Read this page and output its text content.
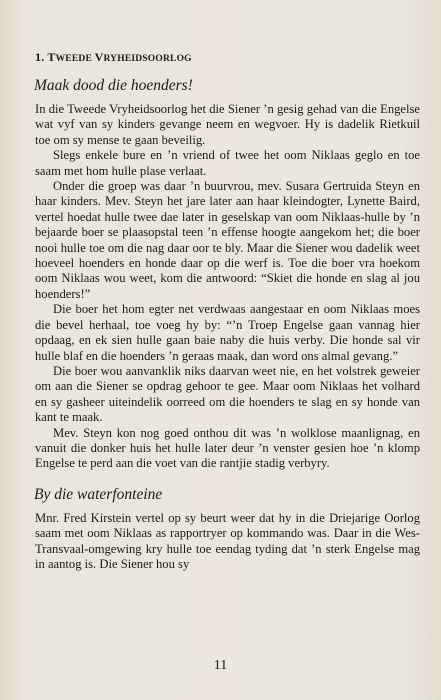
1. TWEEDE VRYHEIDSOORLOG
Maak dood die hoenders!

In die Tweede Vryheidsoorlog het die Siener ’n gesig gehad van die Engelse wat vyf van sy kinders gevange neem en wegvoer. Hy is dadelik Rietkuil toe om sy mense te gaan beveilig.

Slegs enkele bure en ’n vriend of twee het oom Niklaas geglo en toe saam met hom hulle plase verlaat.

Onder die groep was daar ’n buurvrou, mev. Susara Gertruida Steyn en haar kinders. Mev. Steyn het jare later aan haar kleindogter, Lynette Baird, vertel hoedat hulle twee dae later in geselskap van oom Niklaas-hulle by ’n bejaarde boer se plaasopstal teen ’n effense hoogte aangekom het; die boer nooi hulle toe om die nag daar oor te bly. Maar die Siener wou dadelik weet hoeveel hoenders en honde daar op die werf is. Toe die boer vra hoekom oom Niklaas wou weet, kom die antwoord: “Skiet die honde en slag al jou hoenders!”

Die boer het hom egter net verdwaas aangestaar en oom Niklaas moes die bevel herhaal, toe voeg hy by: “’n Troep Engelse gaan vannag hier opdaag, en ek sien hulle gaan baie naby die huis verby. Die honde sal vir hulle blaf en die hoenders ’n geraas maak, dan word ons almal gevang.”

Die boer wou aanvanklik niks daarvan weet nie, en het volstrek geweier om aan die Siener se opdrag gehoor te gee. Maar oom Niklaas het volhard en sy gasheer uiteindelik oorreed om die hoenders te slag en sy honde van kant te maak.

Mev. Steyn kon nog goed onthou dit was ’n wolklose maanlignag, en vanuit die donker huis het hulle later deur ’n venster gesien hoe ’n klomp Engelse te perd aan die voet van die rantjie stadig verbyry.

By die waterfonteine

Mnr. Fred Kirstein vertel op sy beurt weer dat hy in die Driejarige Oorlog saam met oom Niklaas as rapportryer op kommando was. Daar in die Wes-Transvaal-omgewing kry hulle toe eendag tyding dat ’n sterk Engelse mag in aantog is. Die Siener hou sy

11
